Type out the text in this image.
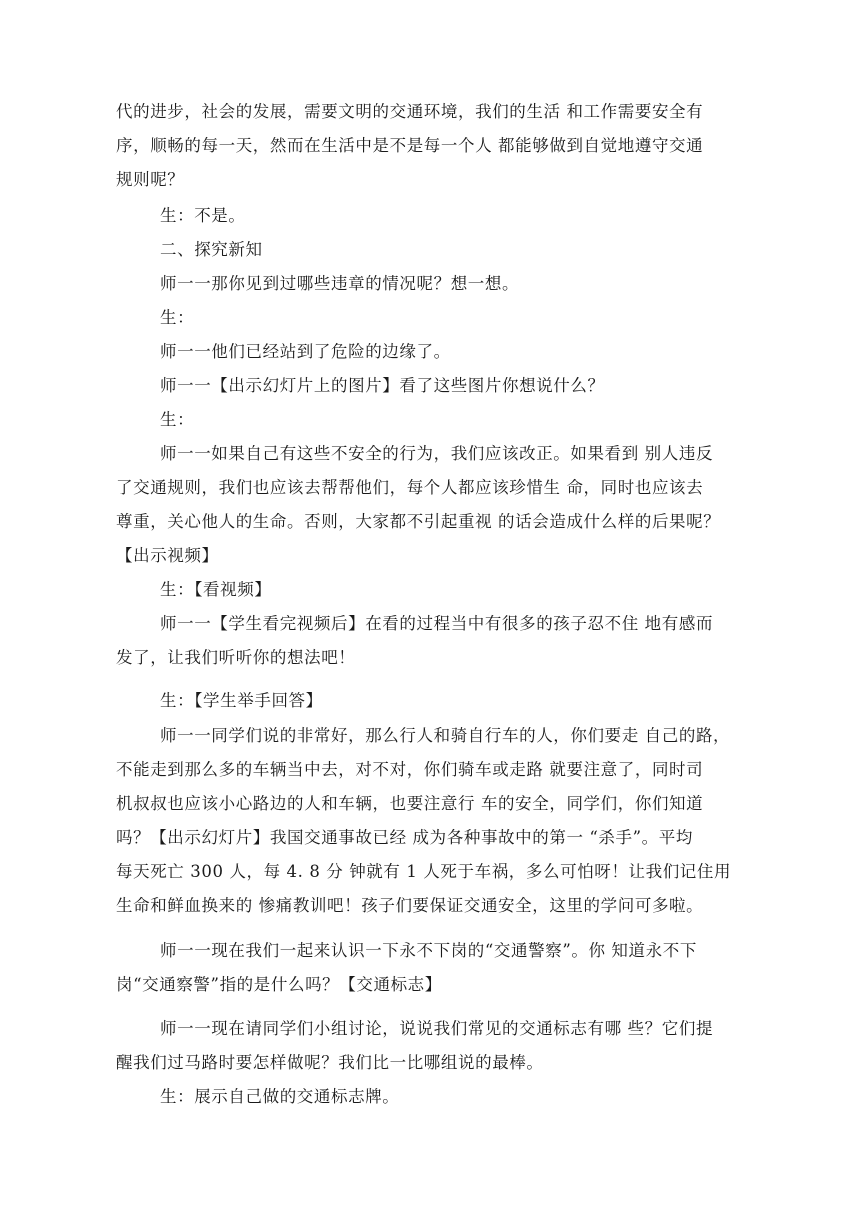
代的进步，社会的发展，需要文明的交通环境，我们的生活 和工作需要安全有
序，顺畅的每一天，然而在生活中是不是每一个人 都能够做到自觉地遵守交通
规则呢？
生：不是。
二、探究新知
师一一那你见到过哪些违章的情况呢？想一想。
生：
师一一他们已经站到了危险的边缘了。
师一一【出示幻灯片上的图片】看了这些图片你想说什么？
生：
师一一如果自己有这些不安全的行为，我们应该改正。如果看到 别人违反
了交通规则，我们也应该去帮帮他们，每个人都应该珍惜生 命，同时也应该去
尊重，关心他人的生命。否则，大家都不引起重视 的话会造成什么样的后果呢？
【出示视频】
生：【看视频】
师一一【学生看完视频后】在看的过程当中有很多的孩子忍不住 地有感而
发了，让我们听听你的想法吧！
生：【学生举手回答】
师一一同学们说的非常好，那么行人和骑自行车的人，你们要走 自己的路，
不能走到那么多的车辆当中去，对不对，你们骑车或走路 就要注意了，同时司
机叔叔也应该小心路边的人和车辆，也要注意行 车的安全，同学们，你们知道
吗？【出示幻灯片】我国交通事故已经 成为各种事故中的第一 “杀手”。平均
每天死亡 300 人，每 4. 8 分 钟就有 1 人死于车祸，多么可怕呀！让我们记住用
生命和鲜血换来的 惨痛教训吧！孩子们要保证交通安全，这里的学问可多啦。
师一一现在我们一起来认识一下永不下岗的“交通警察”。你 知道永不下
岗“交通察警”指的是什么吗？【交通标志】
师一一现在请同学们小组讨论，说说我们常见的交通标志有哪 些？它们提
醒我们过马路时要怎样做呢？我们比一比哪组说的最棒。
生：展示自己做的交通标志牌。
